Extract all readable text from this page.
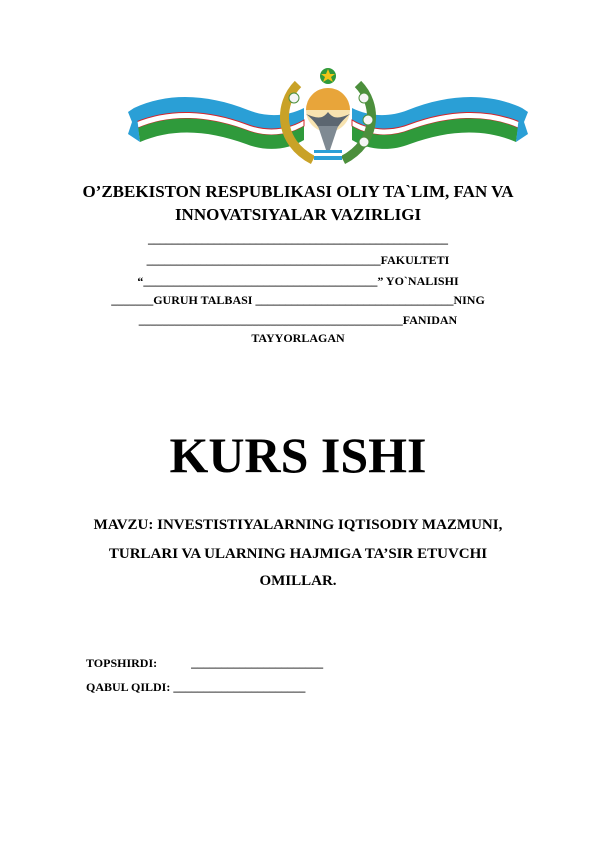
O’ZBEKISTON RESPUBLIKASI OLIY TA`LIM, FAN VA
INNOVATSIYALAR VAZIRLIGI
__________________________________________________
_______________________________________FAKULTETI
“_______________________________________” YO`NALISHI
_______GURUH TALBASI _________________________________NING
____________________________________________FANIDAN
TAYYORLAGAN
KURS ISHI
MAVZU: INVESTISTIYALARNING IQTISODIY MAZMUNI,
TURLARI VA ULARNING HAJMIGA TA’SIR ETUVCHI
OMILLAR.
TOPSHIRDI:	______________________
QABUL QILDI: ______________________
